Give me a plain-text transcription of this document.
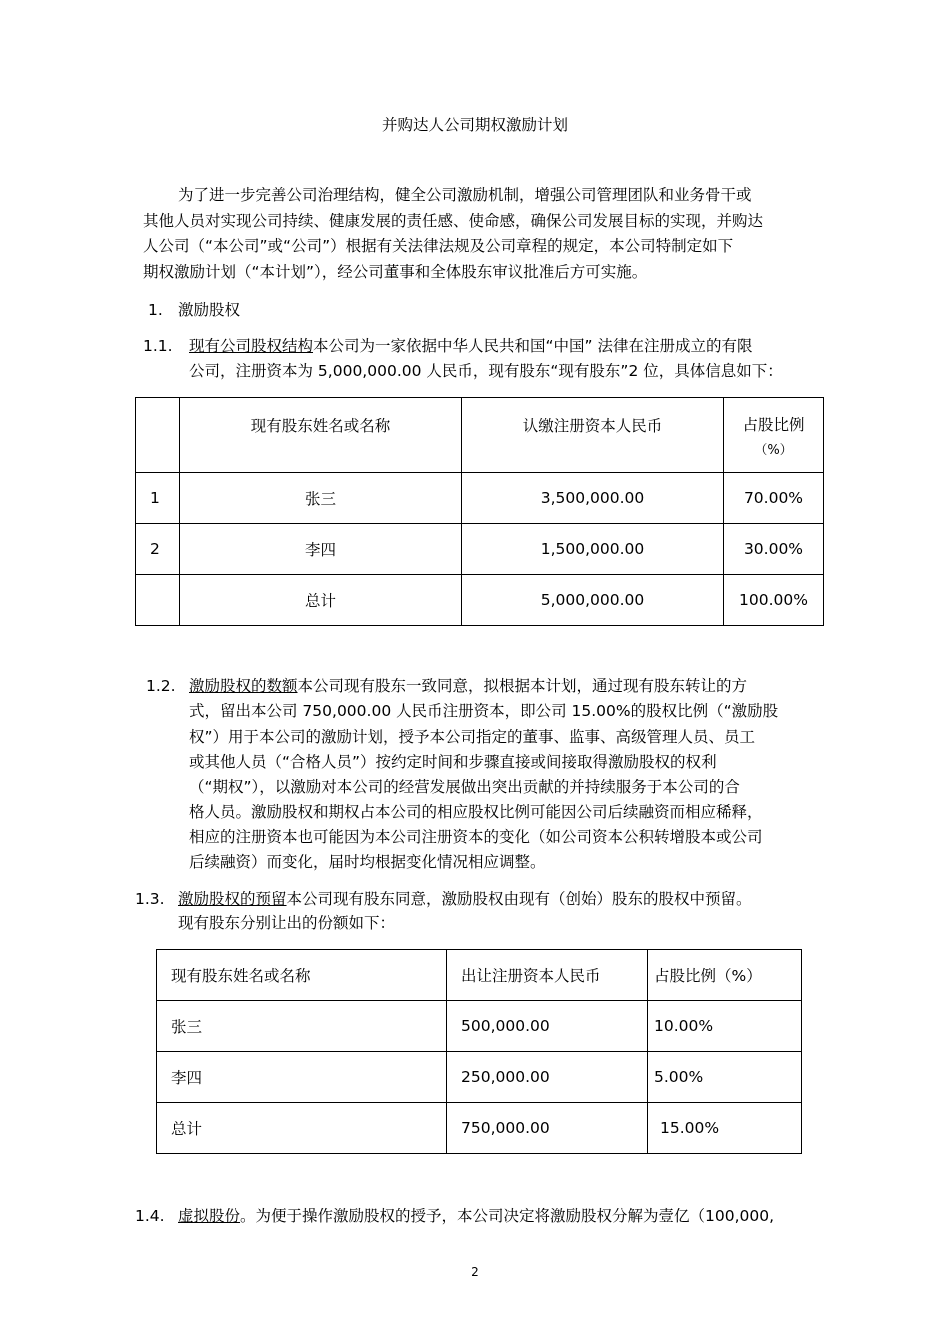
并购达人公司期权激励计划
为了进一步完善公司治理结构，健全公司激励机制，增强公司管理团队和业务骨干或
其他人员对实现公司持续、健康发展的责任感、使命感，确保公司发展目标的实现，并购达
人公司（“本公司”或“公司”）根据有关法律法规及公司章程的规定，本公司特制定如下
期权激励计划（“本计划”），经公司董事和全体股东审议批准后方可实施。
1. 激励股权
1.1. 现有公司股权结构本公司为一家依据中华人民共和国“中国” 法律在注册成立的有限
公司，注册资本为 5,000,000.00 人民币，现有股东“现有股东”2 位，具体信息如下：
	现有股东姓名或名称	认缴注册资本人民币	占股比例
（%）

1	张三	3,500,000.00	70.00%
2	李四	1,500,000.00	30.00%
	总计	5,000,000.00	100.00%
1.2. 激励股权的数额本公司现有股东一致同意，拟根据本计划，通过现有股东转让的方
式，留出本公司 750,000.00 人民币注册资本，即公司 15.00%的股权比例（“激励股
权”）用于本公司的激励计划，授予本公司指定的董事、监事、高级管理人员、员工
或其他人员（“合格人员”）按约定时间和步骤直接或间接取得激励股权的权利
（“期权”），以激励对本公司的经营发展做出突出贡献的并持续服务于本公司的合
格人员。激励股权和期权占本公司的相应股权比例可能因公司后续融资而相应稀释，
相应的注册资本也可能因为本公司注册资本的变化（如公司资本公积转增股本或公司
后续融资）而变化，届时均根据变化情况相应调整。
1.3. 激励股权的预留本公司现有股东同意，激励股权由现有（创始）股东的股权中预留。
现有股东分别让出的份额如下：
现有股东姓名或名称	出让注册资本人民币	占股比例（%）
张三	500,000.00	10.00%
李四	250,000.00	5.00%
总计	750,000.00	15.00%
1.4. 虚拟股份。为便于操作激励股权的授予，本公司决定将激励股权分解为壹亿（100,000,
2
